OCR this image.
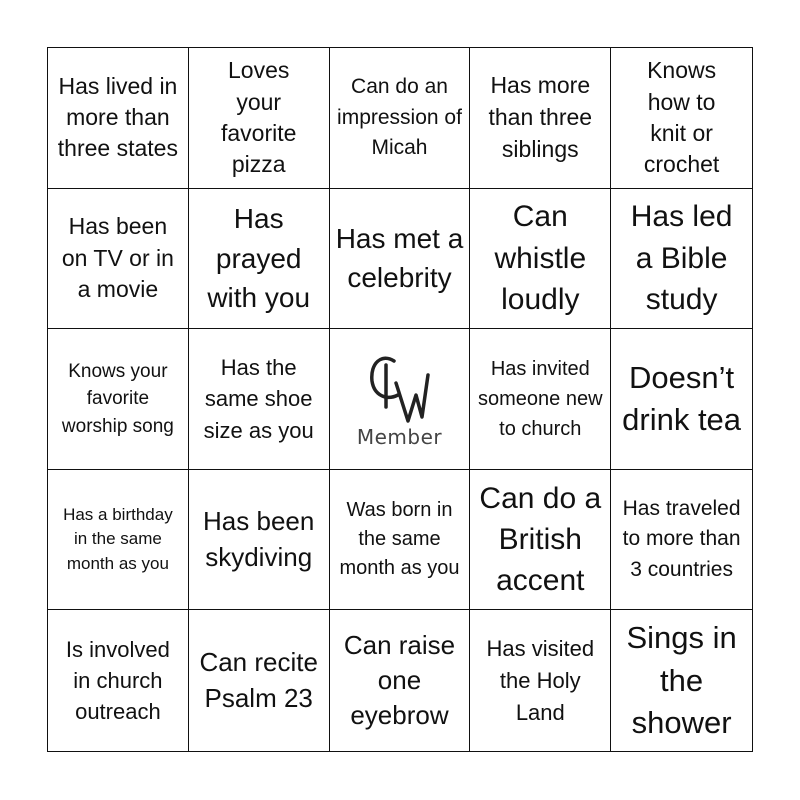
Has lived in more than three states
Loves your favorite pizza
Can do an impression of Micah
Has more than three siblings
Knows how to knit or crochet
Has been on TV or in a movie
Has prayed with you
Has met a celebrity
Can whistle loudly
Has led a Bible study
Knows your favorite worship song
Has the same shoe size as you	Member
Has invited someone new to church
Doesn’t drink tea
Has a birthday in the same month as you
Has been skydiving
Was born in the same month as you
Can do a British accent
Has traveled to more than 3 countries
Is involved in church outreach
Can recite Psalm 23
Can raise one eyebrow
Has visited the Holy Land
Sings in the shower
